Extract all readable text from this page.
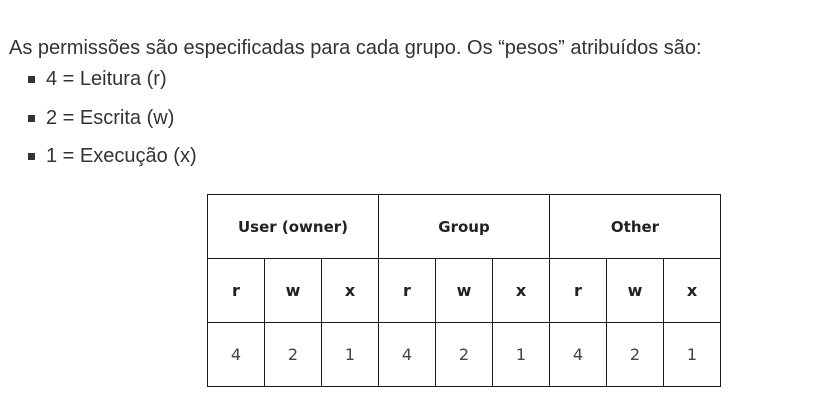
As permissões são especificadas para cada grupo. Os “pesos” atribuídos são:

4 = Leitura (r)
2 = Escrita (w)
1 = Execução (x)
User (owner)			Group			Other		
r	w	x	r	w	x	r	w	x
4	2	1	4	2	1	4	2	1
